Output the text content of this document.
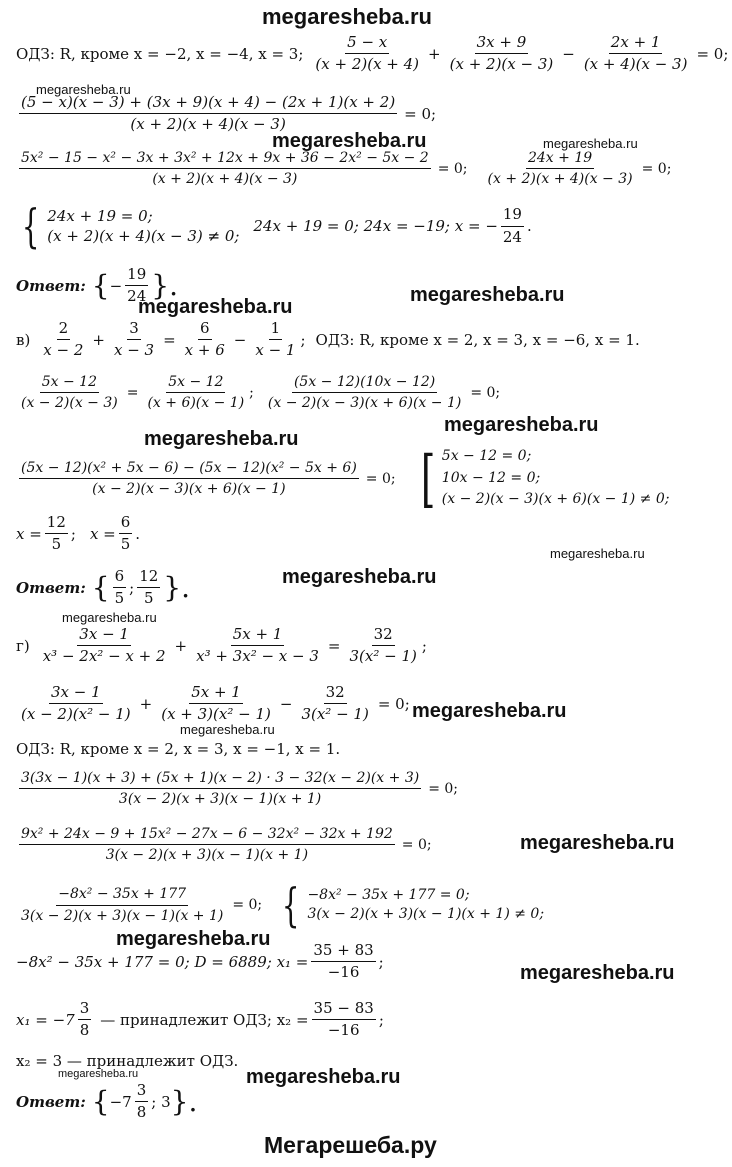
megaresheba.ru
ОДЗ: R, кроме x = −2, x = −4, x = 3; $\frac{5 - x}{(x + 2)(x + 4)} + \frac{3x + 9}{(x + 2)(x - 3)} - \frac{2x + 1}{(x + 4)(x - 3)} = 0$;
megaresheba.ru
$\frac{(5 - x)(x - 3) + (3x + 9)(x + 4) - (2x + 1)(x + 2)}{(x + 2)(x + 4)(x - 3)} = 0$;
megaresheba.ru	megaresheba.ru
$\frac{\text{5x² − 15 − x² − 3x + 3x² + 12x + 9x + 36 − 2x² − 5x − 2}}{(x + 2)(x + 4)(x - 3)} = 0$; $\frac{24x + 19}{(x + 2)(x + 4)(x - 3)} = 0$;
{ 24x + 19 = 0;
(x + 2)(x + 4)(x − 3) ≠ 0;
24x + 19 = 0; 24x = −19; x = − $\frac{19}{24}$ .
Ответ: { − $\frac{19}{24}$ }.
megaresheba.ru
megaresheba.ru
$в) \frac{2}{x - 2} + \frac{3}{x - 3} = \frac{6}{x + 6} - \frac{1}{x - 1}$ ; ОДЗ: R, кроме x = 2, x = 3, x = −6, x = 1.
$\frac{5x - 12}{(x - 2)(x - 3)} = \frac{5x - 12}{(x + 6)(x - 1)}$ ; $\frac{(5x - 12)(10x - 12)}{(x - 2)(x - 3)(x + 6)(x - 1)} = 0$;
megaresheba.ru
megaresheba.ru
$\frac{\text{(5x − 12)(x² + 5x − 6) − (5x − 12)(x² − 5x + 6)}}{(x - 2)(x - 3)(x + 6)(x - 1)} = 0$; [ 5x − 12 = 0;
10x − 12 = 0;
(x − 2)(x − 3)(x + 6)(x − 1) ≠ 0;
$x = \frac{12}{5}$ ; $x = \frac{6}{5}$ .
megaresheba.ru
Ответ: { $\frac{6}{5}$ ; $\frac{12}{5}$ }.	megaresheba.ru
megaresheba.ru
$г) \frac{3x - 1}{\text{x³ − 2x² − x + 2}} + \frac{5x + 1}{\text{x³ + 3x² − x − 3}} = \frac{32}{\text{3(x² − 1)}}$ ;
$\frac{3x - 1}{\text{(x − 2)(x² − 1)}} + \frac{5x + 1}{\text{(x + 3)(x² − 1)}} - \frac{32}{\text{3(x² − 1)}} = 0$;
megaresheba.ru
megaresheba.ru
ОДЗ: R, кроме x = 2, x = 3, x = −1, x = 1.
$\frac{3(3x - 1)(x + 3) + (5x + 1)(x - 2) \cdot 3 - 32(x - 2)(x + 3)}{3(x - 2)(x + 3)(x - 1)(x + 1)} = 0$;
$\frac{\text{9x² + 24x − 9 + 15x² − 27x − 6 − 32x² − 32x + 192}}{3(x - 2)(x + 3)(x - 1)(x + 1)} = 0$;	megaresheba.ru
$\frac{\text{−8x² − 35x + 177}}{3(x - 2)(x + 3)(x - 1)(x + 1)} = 0$; { −8x² − 35x + 177 = 0;
3(x − 2)(x + 3)(x − 1)(x + 1) ≠ 0;
megaresheba.ru
−8x² − 35x + 177 = 0; D = 6889; $x_1 = \frac{35 + 83}{-16}$ ;
megaresheba.ru
$x_1 = -7 \frac{3}{8}$ — принадлежит ОДЗ; $x_2 = \frac{35 - 83}{-16}$ ;
x₂ = 3 — принадлежит ОДЗ.
megaresheba.ru	megaresheba.ru
Ответ: { $-7 \frac{3}{8}$ ; 3 }.
Мегарешеба.ру
